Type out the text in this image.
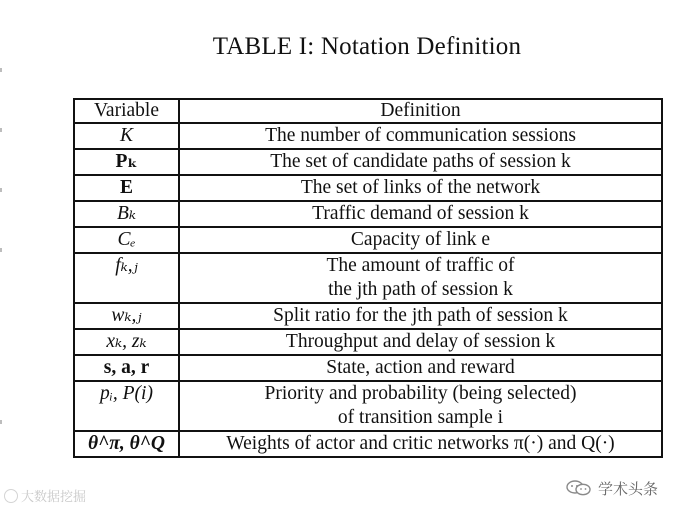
TABLE I: Notation Definition
Variable	Definition
K	The number of communication sessions
Pₖ	The set of candidate paths of session k
E	The set of links of the network
Bₖ	Traffic demand of session k
Cₑ	Capacity of link e
fₖ,ⱼ	The amount of traffic of
the jth path of session k

wₖ,ⱼ	Split ratio for the jth path of session k
xₖ, zₖ	Throughput and delay of session k
s, a, r	State, action and reward
pᵢ, P(i)	Priority and probability (being selected)
of transition sample i

θ^π, θ^Q	Weights of actor and critic networks π(·) and Q(·)
大数据挖掘	学术头条
